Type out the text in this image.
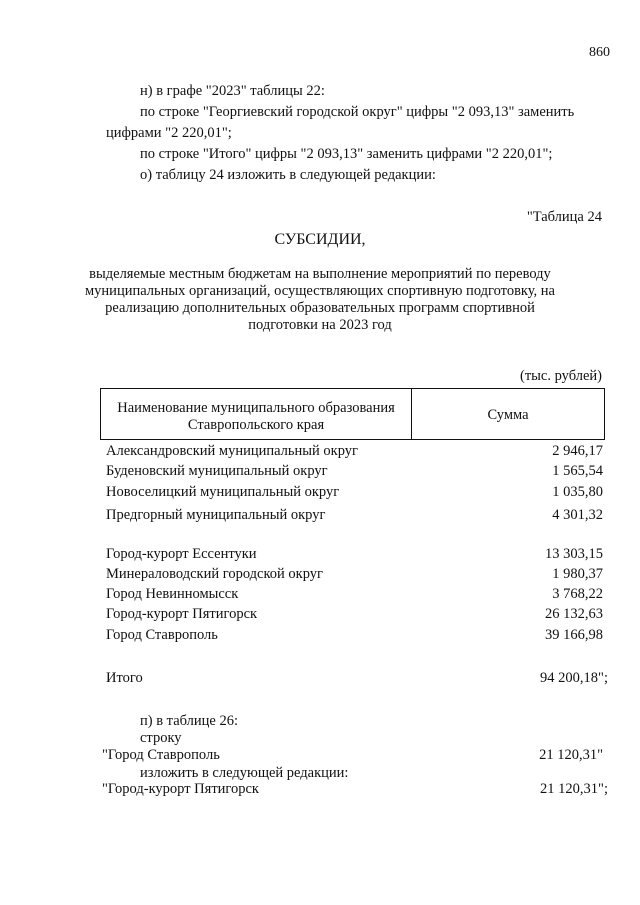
860
н) в графе "2023" таблицы 22:
по строке "Георгиевский городской округ" цифры "2 093,13" заменить
цифрами "2 220,01";
по строке "Итого" цифры "2 093,13" заменить цифрами "2 220,01";
о) таблицу 24 изложить в следующей редакции:
"Таблица 24
СУБСИДИИ,
выделяемые местным бюджетам на выполнение мероприятий по переводу
муниципальных организаций, осуществляющих спортивную подготовку, на
реализацию дополнительных образовательных программ спортивной
подготовки на 2023 год
(тыс. рублей)
Наименование муниципального образования
Ставропольского края
Сумма
Александровский муниципальный округ	2 946,17
Буденовский муниципальный округ	1 565,54
Новоселицкий муниципальный округ	1 035,80
Предгорный муниципальный округ	4 301,32
Город-курорт Ессентуки	13 303,15
Минераловодский городской округ	1 980,37
Город Невинномысск	3 768,22
Город-курорт Пятигорск	26 132,63
Город Ставрополь	39 166,98
Итого	94 200,18";
п) в таблице 26:
строку
"Город Ставрополь	21 120,31"
изложить в следующей редакции:
"Город-курорт Пятигорск	21 120,31";
